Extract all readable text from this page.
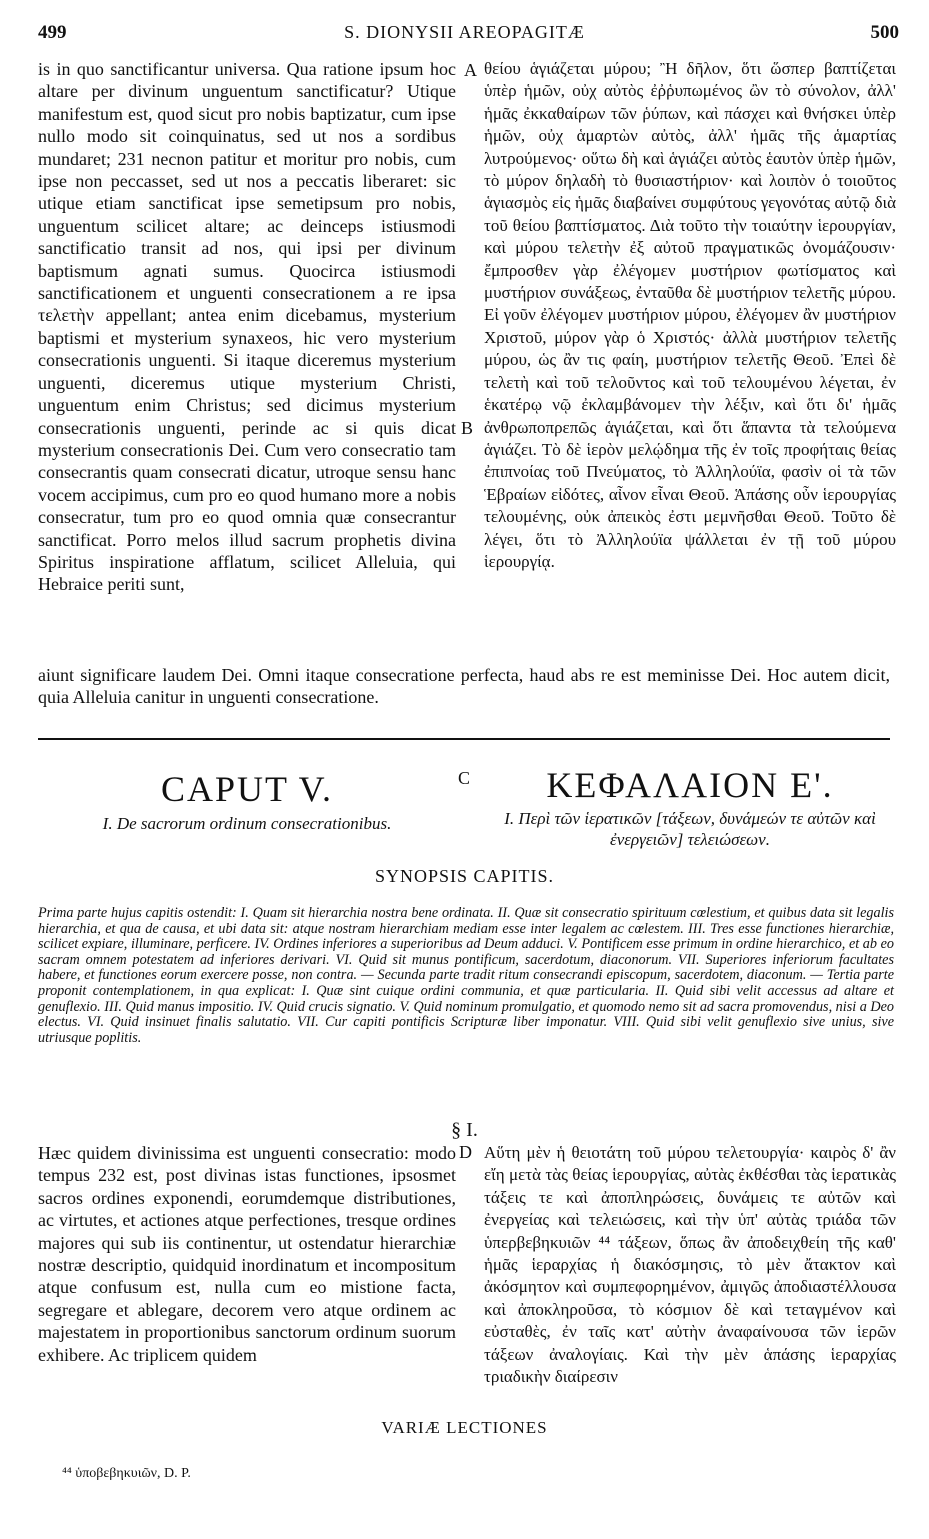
499	S. DIONYSII AREOPAGITÆ	500

is in quo sanctificantur universa. Qua ratione ipsum hoc altare per divinum unguentum sanctificatur? Utique manifestum est, quod sicut pro nobis baptizatur, cum ipse nullo modo sit coinquinatus, sed ut nos a sordibus mundaret; 231 necnon patitur et moritur pro nobis, cum ipse non peccasset, sed ut nos a peccatis liberaret: sic utique etiam sanctificat ipse semetipsum pro nobis, unguentum scilicet altare; ac deinceps istiusmodi sanctificatio transit ad nos, qui ipsi per divinum baptismum agnati sumus. Quocirca istiusmodi sanctificationem et unguenti consecrationem a re ipsa τελετὴν appellant; antea enim dicebamus, mysterium baptismi et mysterium synaxeos, hic vero mysterium consecrationis unguenti. Si itaque diceremus mysterium unguenti, diceremus utique mysterium Christi, unguentum enim Christus; sed dicimus mysterium consecrationis unguenti, perinde ac si quis dicat mysterium consecrationis Dei. Cum vero consecratio tam consecrantis quam consecrati dicatur, utroque sensu hanc vocem accipimus, cum pro eo quod humano more a nobis consecratur, tum pro eo quod omnia quæ consecrantur sanctificat. Porro melos illud sacrum prophetis divina Spiritus inspiratione afflatum, scilicet Alleluia, qui Hebraice periti sunt,

A
B

θείου ἁγιάζεται μύρου; Ἢ δῆλον, ὅτι ὥσπερ βαπτίζεται ὑπὲρ ἡμῶν, οὐχ αὐτὸς ἐῤῥυπωμένος ὢν τὸ σύνολον, ἀλλ' ἡμᾶς ἐκκαθαίρων τῶν ῥύπων, καὶ πάσχει καὶ θνήσκει ὑπὲρ ἡμῶν, οὐχ ἁμαρτὼν αὐτὸς, ἀλλ' ἡμᾶς τῆς ἁμαρτίας λυτρούμενος· οὕτω δὴ καὶ ἁγιάζει αὐτὸς ἑαυτὸν ὑπὲρ ἡμῶν, τὸ μύρον δηλαδὴ τὸ θυσιαστήριον· καὶ λοιπὸν ὁ τοιοῦτος ἁγιασμὸς εἰς ἡμᾶς διαβαίνει συμφύτους γεγονότας αὐτῷ διὰ τοῦ θείου βαπτίσματος. Διὰ τοῦτο τὴν τοιαύτην ἱερουργίαν, καὶ μύρου τελετὴν ἐξ αὐτοῦ πραγματικῶς ὀνομάζουσιν· ἔμπροσθεν γὰρ ἐλέγομεν μυστήριον φωτίσματος καὶ μυστήριον συνάξεως, ἐνταῦθα δὲ μυστήριον τελετῆς μύρου. Εἰ γοῦν ἐλέγομεν μυστήριον μύρου, ἐλέγομεν ἂν μυστήριον Χριστοῦ, μύρον γὰρ ὁ Χριστός· ἀλλὰ μυστήριον τελετῆς μύρου, ὡς ἂν τις φαίη, μυστήριον τελετῆς Θεοῦ. Ἐπεὶ δὲ τελετὴ καὶ τοῦ τελοῦντος καὶ τοῦ τελουμένου λέγεται, ἐν ἑκατέρῳ νῷ ἐκλαμβάνομεν τὴν λέξιν, καὶ ὅτι δι' ἡμᾶς ἀνθρωποπρεπῶς ἁγιάζεται, καὶ ὅτι ἅπαντα τὰ τελούμενα ἁγιάζει. Τὸ δὲ ἱερὸν μελῴδημα τῆς ἐν τοῖς προφήταις θείας ἐπιπνοίας τοῦ Πνεύματος, τὸ Ἀλληλούϊα, φασὶν οἱ τὰ τῶν Ἑβραίων εἰδότες, αἶνον εἶναι Θεοῦ. Ἁπάσης οὖν ἱερουργίας τελουμένης, οὐκ ἀπεικὸς ἐστι μεμνῆσθαι Θεοῦ. Τοῦτο δὲ λέγει, ὅτι τὸ Ἀλληλούϊα ψάλλεται ἐν τῇ τοῦ μύρου ἱερουργίᾳ.

aiunt significare laudem Dei. Omni itaque consecratione perfecta, haud abs re est meminisse Dei. Hoc autem dicit, quia Alleluia canitur in unguenti consecratione.

CAPUT V.
I. De sacrorum ordinum consecrationibus.
C	ΚΕΦΑΛΑΙΟΝ Ε'.
I. Περὶ τῶν ἱερατικῶν [τάξεων, δυνάμεών τε αὐτῶν καὶ ἐνεργειῶν] τελειώσεων.
SYNOPSIS CAPITIS.

Prima parte hujus capitis ostendit: I. Quam sit hierarchia nostra bene ordinata. II. Quæ sit consecratio spirituum cœlestium, et quibus data sit legalis hierarchia, et qua de causa, et ubi data sit: atque nostram hierarchiam mediam esse inter legalem ac cœlestem. III. Tres esse functiones hierarchiæ, scilicet expiare, illuminare, perficere. IV. Ordines inferiores a superioribus ad Deum adduci. V. Pontificem esse primum in ordine hierarchico, et ab eo sacram omnem potestatem ad inferiores derivari. VI. Quid sit munus pontificum, sacerdotum, diaconorum. VII. Superiores inferiorum facultates habere, et functiones eorum exercere posse, non contra. — Secunda parte tradit ritum consecrandi episcopum, sacerdotem, diaconum. — Tertia parte proponit contemplationem, in qua explicat: I. Quæ sint cuique ordini communia, et quæ particularia. II. Quid sibi velit accessus ad altare et genuflexio. III. Quid manus impositio. IV. Quid crucis signatio. V. Quid nominum promulgatio, et quomodo nemo sit ad sacra promovendus, nisi a Deo electus. VI. Quid insinuet finalis salutatio. VII. Cur capiti pontificis Scripturæ liber imponatur. VIII. Quid sibi velit genuflexio sive unius, sive utriusque poplitis.

§ I.

Hæc quidem divinissima est unguenti consecratio: modo tempus 232 est, post divinas istas functiones, ipsosmet sacros ordines exponendi, eorumdemque distributiones, ac virtutes, et actiones atque perfectiones, tresque ordines majores qui sub iis continentur, ut ostendatur hierarchiæ nostræ descriptio, quidquid inordinatum et incompositum atque confusum est, nulla cum eo mistione facta, segregare et ablegare, decorem vero atque ordinem ac majestatem in proportionibus sanctorum ordinum suorum exhibere. Ac triplicem quidem

D Αὕτη μὲν ἡ θειοτάτη τοῦ μύρου τελετουργία· καιρὸς δ' ἂν εἴη μετὰ τὰς θείας ἱερουργίας, αὐτὰς ἐκθέσθαι τὰς ἱερατικὰς τάξεις τε καὶ ἀποπληρώσεις, δυνάμεις τε αὐτῶν καὶ ἐνεργείας καὶ τελειώσεις, καὶ τὴν ὑπ' αὐτὰς τριάδα τῶν ὑπερβεβηκυιῶν ⁴⁴ τάξεων, ὅπως ἂν ἀποδειχθείη τῆς καθ' ἡμᾶς ἱεραρχίας ἡ διακόσμησις, τὸ μὲν ἄτακτον καὶ ἀκόσμητον καὶ συμπεφορημένον, ἀμιγῶς ἀποδιαστέλλουσα καὶ ἀποκληροῦσα, τὸ κόσμιον δὲ καὶ τεταγμένον καὶ εὐσταθὲς, ἐν ταῖς κατ' αὐτὴν ἀναφαίνουσα τῶν ἱερῶν τάξεων ἀναλογίαις. Καὶ τὴν μὲν ἁπάσης ἱεραρχίας τριαδικὴν διαίρεσιν

VARIÆ LECTIONES
⁴⁴ ὑποβεβηκυιῶν, D. P.
